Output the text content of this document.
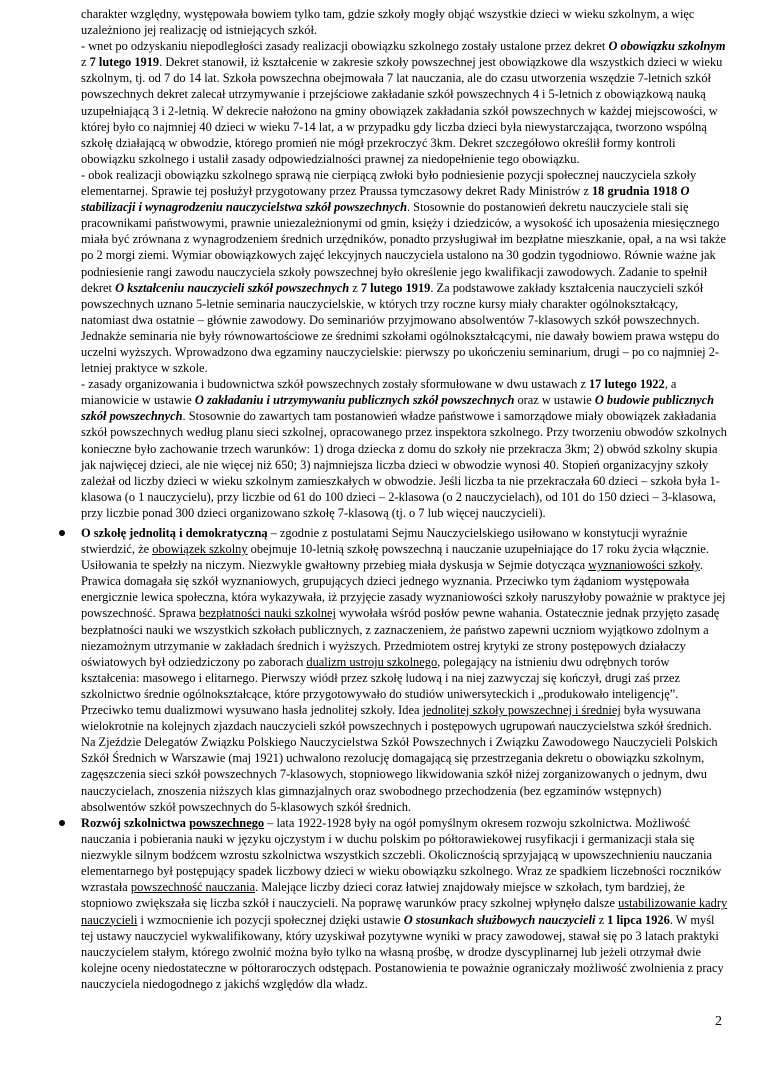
charakter względny, występowała bowiem tylko tam, gdzie szkoły mogły objąć wszystkie dzieci w wieku szkolnym, a więc uzależniono jej realizację od istniejących szkół.

- wnet po odzyskaniu niepodległości zasady realizacji obowiązku szkolnego zostały ustalone przez dekret O obowiązku szkolnym z 7 lutego 1919. Dekret stanowił, iż kształcenie w zakresie szkoły powszechnej jest obowiązkowe dla wszystkich dzieci w wieku szkolnym, tj. od 7 do 14 lat. Szkoła powszechna obejmowała 7 lat nauczania, ale do czasu utworzenia wszędzie 7-letnich szkół powszechnych dekret zalecał utrzymywanie i przejściowe zakładanie szkół powszechnych 4 i 5-letnich z obowiązkową nauką uzupełniającą 3 i 2-letnią. W dekrecie nałożono na gminy obowiązek zakładania szkół powszechnych w każdej miejscowości, w której było co najmniej 40 dzieci w wieku 7-14 lat, a w przypadku gdy liczba dzieci była niewystarczająca, tworzono wspólną szkołę działającą w obwodzie, którego promień nie mógł przekroczyć 3km. Dekret szczegółowo określił formy kontroli obowiązku szkolnego i ustalił zasady odpowiedzialności prawnej za niedopełnienie tego obowiązku.

- obok realizacji obowiązku szkolnego sprawą nie cierpiącą zwłoki było podniesienie pozycji społecznej nauczyciela szkoły elementarnej. Sprawie tej posłużył przygotowany przez Praussa tymczasowy dekret Rady Ministrów z 18 grudnia 1918 O stabilizacji i wynagrodzeniu nauczycielstwa szkół powszechnych. Stosownie do postanowień dekretu nauczyciele stali się pracownikami państwowymi, prawnie uniezależnionymi od gmin, księży i dziedziców, a wysokość ich uposażenia miesięcznego miała być zrównana z wynagrodzeniem średnich urzędników, ponadto przysługiwał im bezpłatne mieszkanie, opał, a na wsi także po 2 morgi ziemi. Wymiar obowiązkowych zajęć lekcyjnych nauczyciela ustalono na 30 godzin tygodniowo. Równie ważne jak podniesienie rangi zawodu nauczyciela szkoły powszechnej było określenie jego kwalifikacji zawodowych. Zadanie to spełnił dekret O kształceniu nauczycieli szkół powszechnych z 7 lutego 1919. Za podstawowe zakłady kształcenia nauczycieli szkół powszechnych uznano 5-letnie seminaria nauczycielskie, w których trzy roczne kursy miały charakter ogólnokształcący, natomiast dwa ostatnie – głównie zawodowy. Do seminariów przyjmowano absolwentów 7-klasowych szkół powszechnych. Jednakże seminaria nie były równowartościowe ze średnimi szkołami ogólnokształcącymi, nie dawały bowiem prawa wstępu do uczelni wyższych. Wprowadzono dwa egzaminy nauczycielskie: pierwszy po ukończeniu seminarium, drugi – po co najmniej 2-letniej praktyce w szkole.

- zasady organizowania i budownictwa szkół powszechnych zostały sformułowane w dwu ustawach z 17 lutego 1922, a mianowicie w ustawie O zakładaniu i utrzymywaniu publicznych szkół powszechnych oraz w ustawie O budowie publicznych szkół powszechnych. Stosownie do zawartych tam postanowień władze państwowe i samorządowe miały obowiązek zakładania szkół powszechnych według planu sieci szkolnej, opracowanego przez inspektora szkolnego. Przy tworzeniu obwodów szkolnych konieczne było zachowanie trzech warunków: 1) droga dziecka z domu do szkoły nie przekracza 3km; 2) obwód szkolny skupia jak najwięcej dzieci, ale nie więcej niż 650; 3) najmniejsza liczba dzieci w obwodzie wynosi 40. Stopień organizacyjny szkoły zależał od liczby dzieci w wieku szkolnym zamieszkałych w obwodzie. Jeśli liczba ta nie przekraczała 60 dzieci – szkoła była 1-klasowa (o 1 nauczycielu), przy liczbie od 61 do 100 dzieci – 2-klasowa (o 2 nauczycielach), od 101 do 150 dzieci – 3-klasowa, przy liczbie ponad 300 dzieci organizowano szkołę 7-klasową (tj. o 7 lub więcej nauczycieli).

O szkołę jednolitą i demokratyczną – zgodnie z postulatami Sejmu Nauczycielskiego usiłowano w konstytucji wyraźnie stwierdzić, że obowiązek szkolny obejmuje 10-letnią szkołę powszechną i nauczanie uzupełniające do 17 roku życia włącznie. Usiłowania te spełzły na niczym. Niezwykle gwałtowny przebieg miała dyskusja w Sejmie dotycząca wyznaniowości szkoły. Prawica domagała się szkół wyznaniowych, grupujących dzieci jednego wyznania. Przeciwko tym żądaniom występowała energicznie lewica społeczna, która wykazywała, iż przyjęcie zasady wyznaniowości szkoły naruszyłoby poważnie w praktyce jej powszechność. Sprawa bezpłatności nauki szkolnej wywołała wśród posłów pewne wahania. Ostatecznie jednak przyjęto zasadę bezpłatności nauki we wszystkich szkołach publicznych, z zaznaczeniem, że państwo zapewni uczniom wyjątkowo zdolnym a niezamożnym utrzymanie w zakładach średnich i wyższych. Przedmiotem ostrej krytyki ze strony postępowych działaczy oświatowych był odziedziczony po zaborach dualizm ustroju szkolnego, polegający na istnieniu dwu odrębnych torów kształcenia: masowego i elitarnego. Pierwszy wiódł przez szkołę ludową i na niej zazwyczaj się kończył, drugi zaś przez szkolnictwo średnie ogólnokształcące, które przygotowywało do studiów uniwersyteckich i „produkowało inteligencję”. Przeciwko temu dualizmowi wysuwano hasła jednolitej szkoły. Idea jednolitej szkoły powszechnej i średniej była wysuwana wielokrotnie na kolejnych zjazdach nauczycieli szkół powszechnych i postępowych ugrupowań nauczycielstwa szkół średnich. Na Zjeździe Delegatów Związku Polskiego Nauczycielstwa Szkół Powszechnych i Związku Zawodowego Nauczycieli Polskich Szkół Średnich w Warszawie (maj 1921) uchwalono rezolucję domagającą się przestrzegania dekretu o obowiązku szkolnym, zagęszczenia sieci szkół powszechnych 7-klasowych, stopniowego likwidowania szkół niżej zorganizowanych o jednym, dwu nauczycielach, znoszenia niższych klas gimnazjalnych oraz swobodnego przechodzenia (bez egzaminów wstępnych) absolwentów szkół powszechnych do 5-klasowych szkół średnich.

Rozwój szkolnictwa powszechnego – lata 1922-1928 były na ogół pomyślnym okresem rozwoju szkolnictwa. Możliwość nauczania i pobierania nauki w języku ojczystym i w duchu polskim po półtorawiekowej rusyfikacji i germanizacji stała się niezwykle silnym bodźcem wzrostu szkolnictwa wszystkich szczebli. Okolicznością sprzyjającą w upowszechnieniu nauczania elementarnego był postępujący spadek liczbowy dzieci w wieku obowiązku szkolnego. Wraz ze spadkiem liczebności roczników wzrastała powszechność nauczania. Malejące liczby dzieci coraz łatwiej znajdowały miejsce w szkołach, tym bardziej, że stopniowo zwiększała się liczba szkół i nauczycieli. Na poprawę warunków pracy szkolnej wpłynęło dalsze ustabilizowanie kadry nauczycieli i wzmocnienie ich pozycji społecznej dzięki ustawie O stosunkach służbowych nauczycieli z 1 lipca 1926. W myśl tej ustawy nauczyciel wykwalifikowany, który uzyskiwał pozytywne wyniki w pracy zawodowej, stawał się po 3 latach praktyki nauczycielem stałym, którego zwolnić można było tylko na własną prośbę, w drodze dyscyplinarnej lub jeżeli otrzymał dwie kolejne oceny niedostateczne w półtoraroczych odstępach. Postanowienia te poważnie ograniczały możliwość zwolnienia z pracy nauczyciela niedogodnego z jakichś względów dla władz.

2
